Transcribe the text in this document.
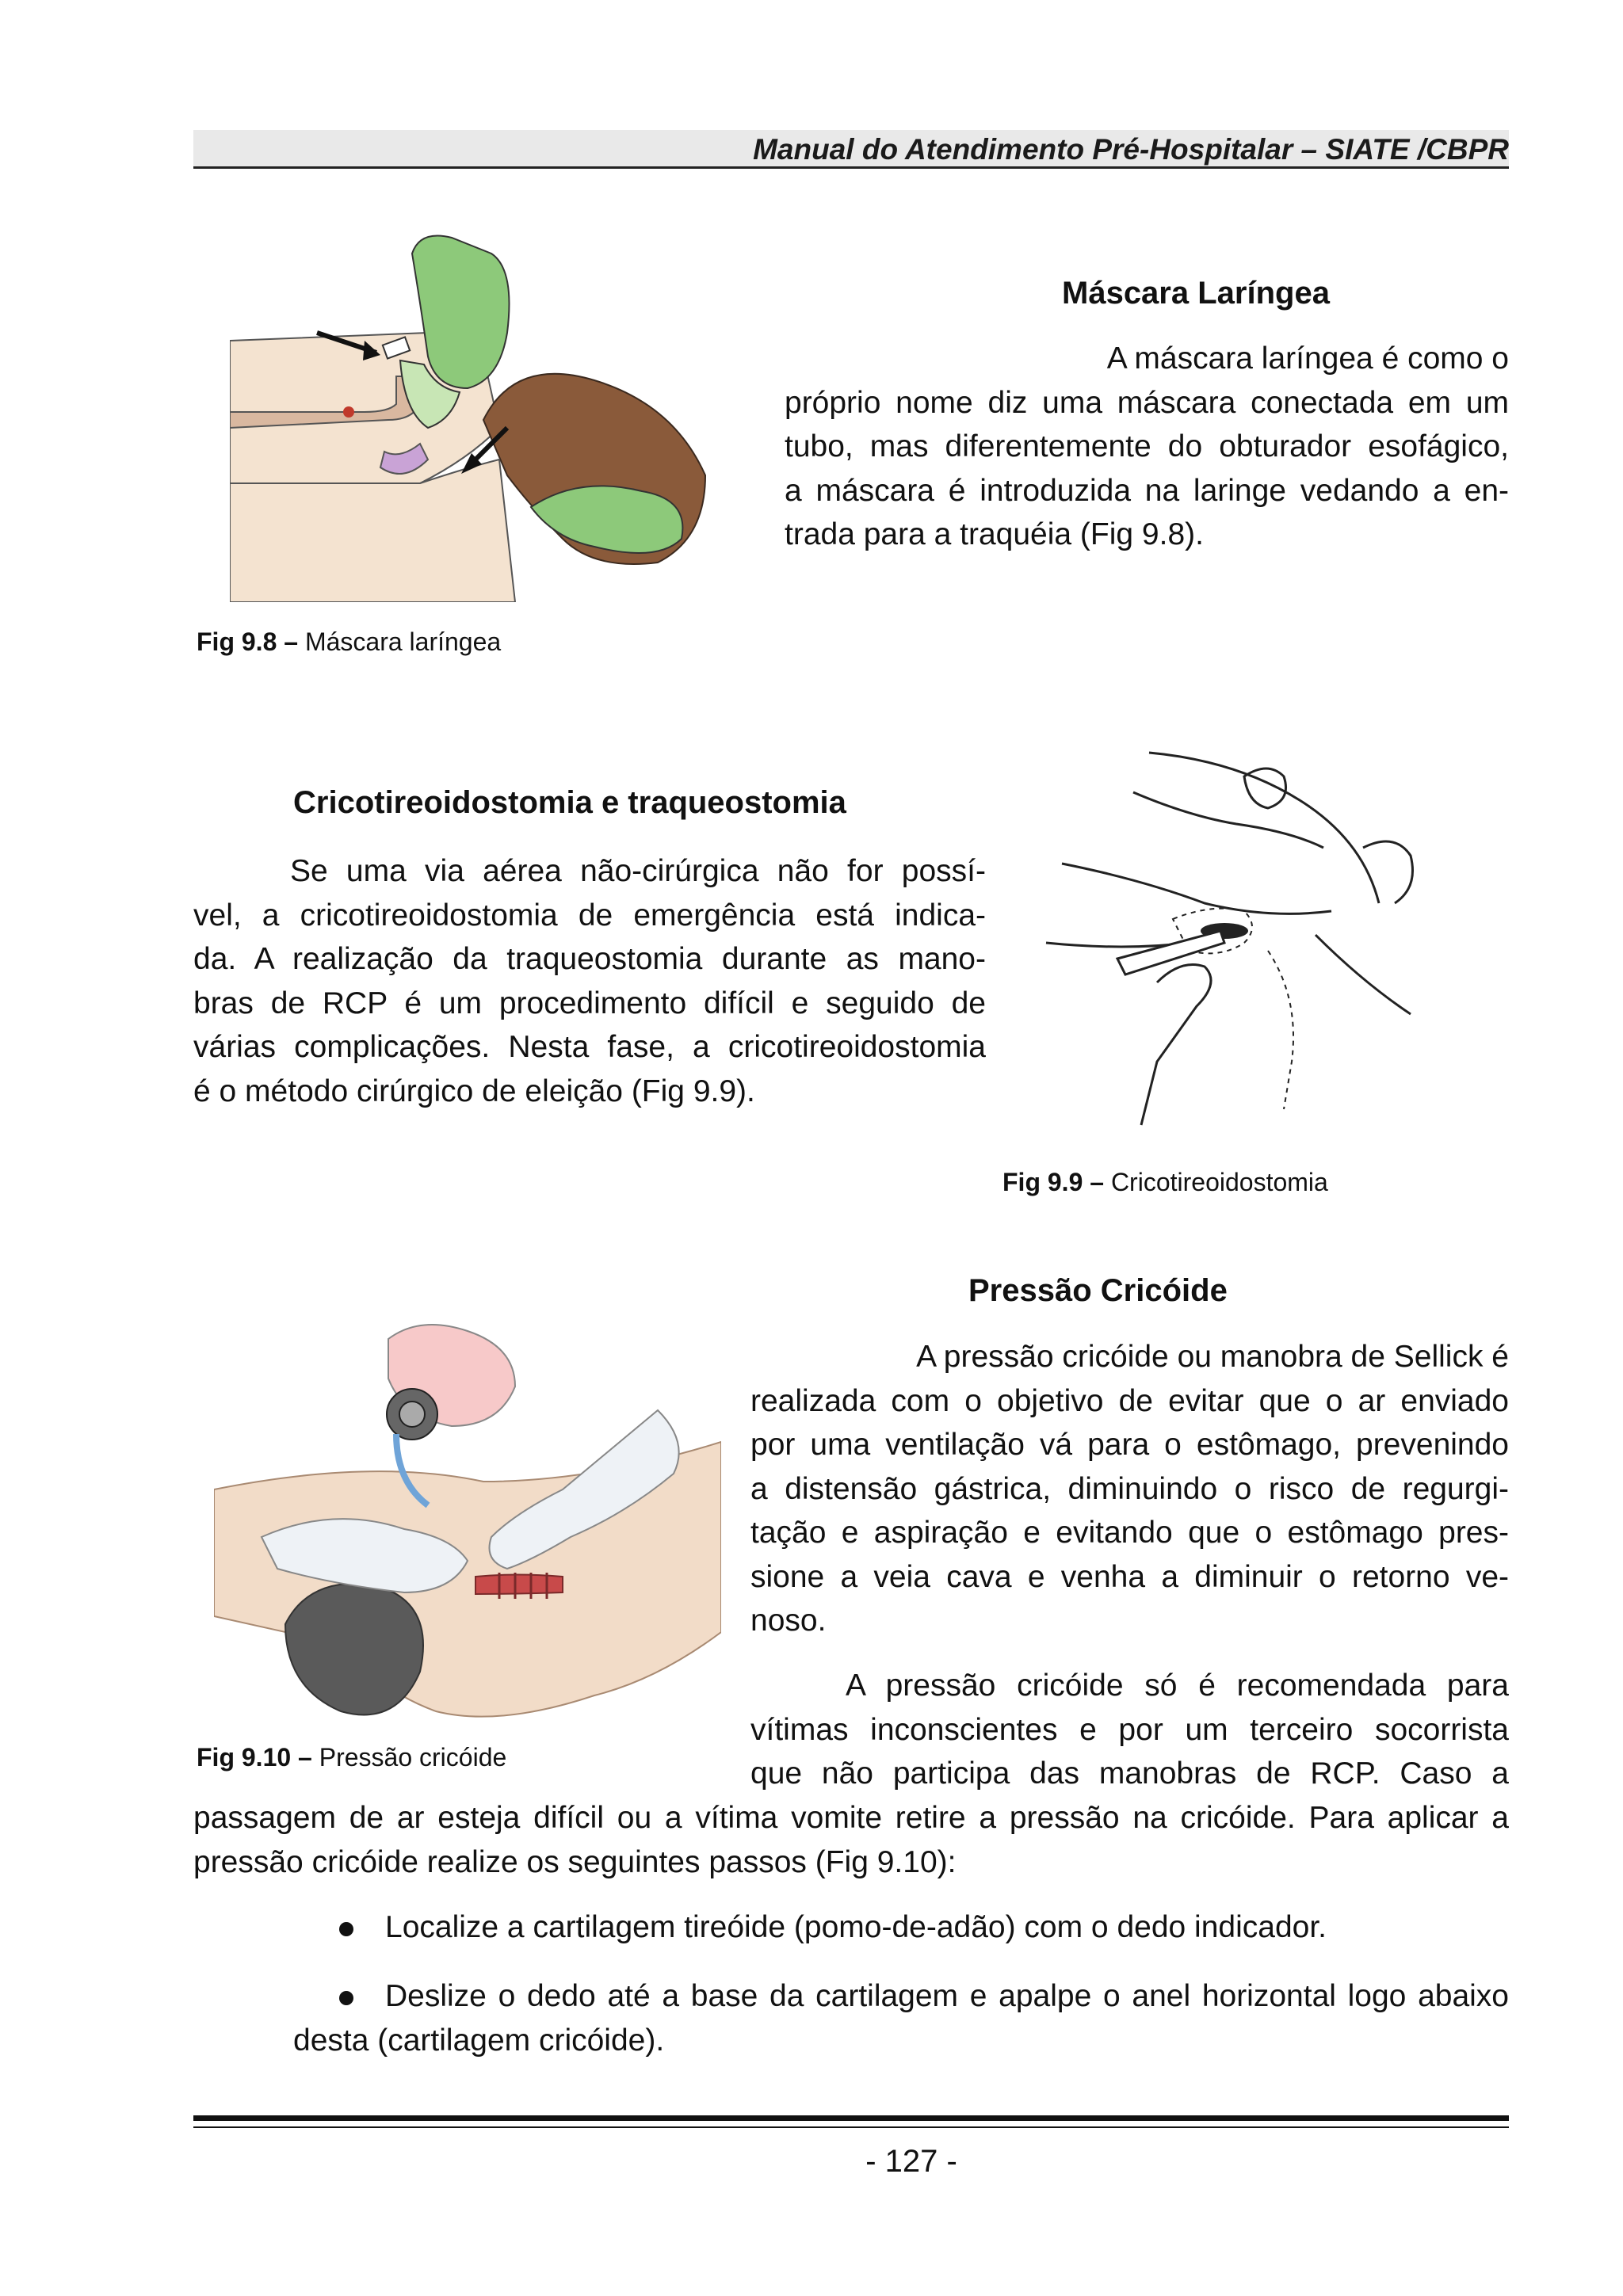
Manual do Atendimento Pré-Hospitalar – SIATE /CBPR
Máscara Laríngea
A máscara laríngea é como o
próprio nome diz uma máscara conectada em um
tubo, mas diferentemente do obturador esofágico,
a máscara é introduzida na laringe vedando a en-
trada para a traquéia (Fig 9.8).
Fig 9.8 – Máscara laríngea
Cricotireoidostomia e traqueostomia
Se uma via aérea não-cirúrgica não for possí-
vel, a cricotireoidostomia de emergência está indica-
da. A realização da traqueostomia durante as mano-
bras de RCP é um procedimento difícil e seguido de
várias complicações. Nesta fase, a cricotireoidostomia
é o método cirúrgico de eleição (Fig 9.9).
Fig 9.9 – Cricotireoidostomia
Pressão Cricóide
A pressão cricóide ou manobra de Sellick é
realizada com o objetivo de evitar que o ar enviado
por uma ventilação vá para o estômago, prevenindo
a distensão gástrica, diminuindo o risco de regurgi-
tação e aspiração e evitando que o estômago pres-
sione a veia cava e venha a diminuir o retorno ve-
noso.
A pressão cricóide só é recomendada para
vítimas inconscientes e por um terceiro socorrista
que não participa das manobras de RCP. Caso a
Fig 9.10 – Pressão cricóide
passagem de ar esteja difícil ou a vítima vomite retire a pressão na cricóide. Para aplicar a
pressão cricóide realize os seguintes passos (Fig 9.10):
Localize a cartilagem tireóide (pomo-de-adão) com o dedo indicador.
Deslize o dedo até a base da cartilagem e apalpe o anel horizontal logo abaixo desta (cartilagem cricóide).
- 127 -
